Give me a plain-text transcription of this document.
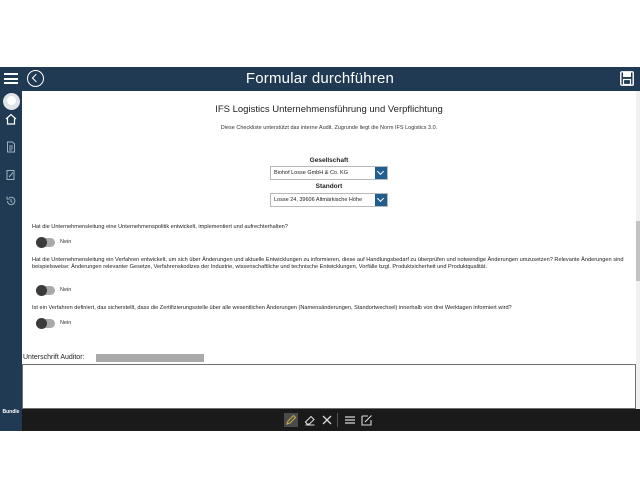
Formular durchführen
Bundle
IFS Logistics Unternehmensführung und Verpflichtung
Diese Checkliste unterstützt das interne Audit. Zugrunde liegt die Norm IFS Logistics 3.0.
Gesellschaft
Biohof Losse GmbH & Co. KG
Standort
Losse 24, 39606 Altmärkische Höhe
Hat die Unternehmensleitung eine Unternehmenspolitik entwickelt, implementiert und aufrechterhalten?
Nein
Hat die Unternehmensleitung ein Verfahren entwickelt, um sich über Änderungen und aktuelle Entwicklungen zu informieren, diese auf Handlungsbedarf zu überprüfen und notwendige Änderungen umzusetzen? Relevante Änderungen sind beispielsweise: Änderungen relevanter Gesetze, Verfahrenskodizes der Industrie, wissenschaftliche und technische Entwicklungen, Vorfälle bzgl. Produktsicherheit und Produktqualität.
Nein
Ist ein Verfahren definiert, das sicherstellt, dass die Zertifizierungsstelle über alle wesentlichen Änderungen (Namensänderungen, Standortwechsel) innerhalb von drei Werktagen informiert wird?
Nein
Unterschrift Auditor:
